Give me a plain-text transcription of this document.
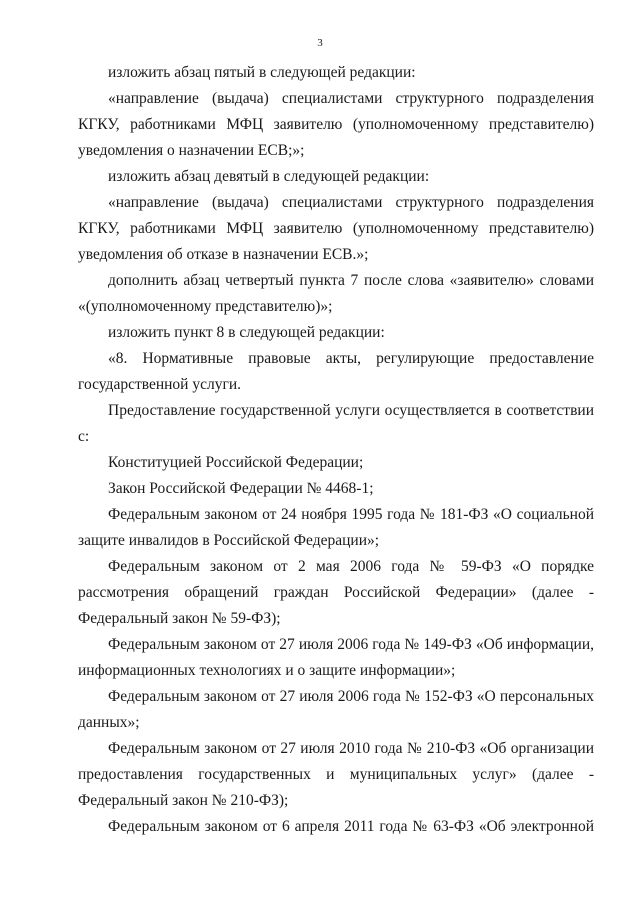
3

изложить абзац пятый в следующей редакции:

«направление (выдача) специалистами структурного подразделения КГКУ, работниками МФЦ заявителю (уполномоченному представителю) уведомления о назначении ЕСВ;»;

изложить абзац девятый в следующей редакции:

«направление (выдача) специалистами структурного подразделения КГКУ, работниками МФЦ заявителю (уполномоченному представителю) уведомления об отказе в назначении ЕСВ.»;

дополнить абзац четвертый пункта 7 после слова «заявителю» словами «(уполномоченному представителю)»;

изложить пункт 8 в следующей редакции:

«8. Нормативные правовые акты, регулирующие предоставление государственной услуги.

Предоставление государственной услуги осуществляется в соответствии с:

Конституцией Российской Федерации;

Закон Российской Федерации № 4468-1;

Федеральным законом от 24 ноября 1995 года № 181-ФЗ «О социальной защите инвалидов в Российской Федерации»;

Федеральным законом от 2 мая 2006 года № 59-ФЗ «О порядке рассмотрения обращений граждан Российской Федерации» (далее - Федеральный закон № 59-ФЗ);

Федеральным законом от 27 июля 2006 года № 149-ФЗ «Об информации, информационных технологиях и о защите информации»;

Федеральным законом от 27 июля 2006 года № 152-ФЗ «О персональных данных»;

Федеральным законом от 27 июля 2010 года № 210-ФЗ «Об организации предоставления государственных и муниципальных услуг» (далее - Федеральный закон № 210-ФЗ);

Федеральным законом от 6 апреля 2011 года № 63-ФЗ «Об электронной
